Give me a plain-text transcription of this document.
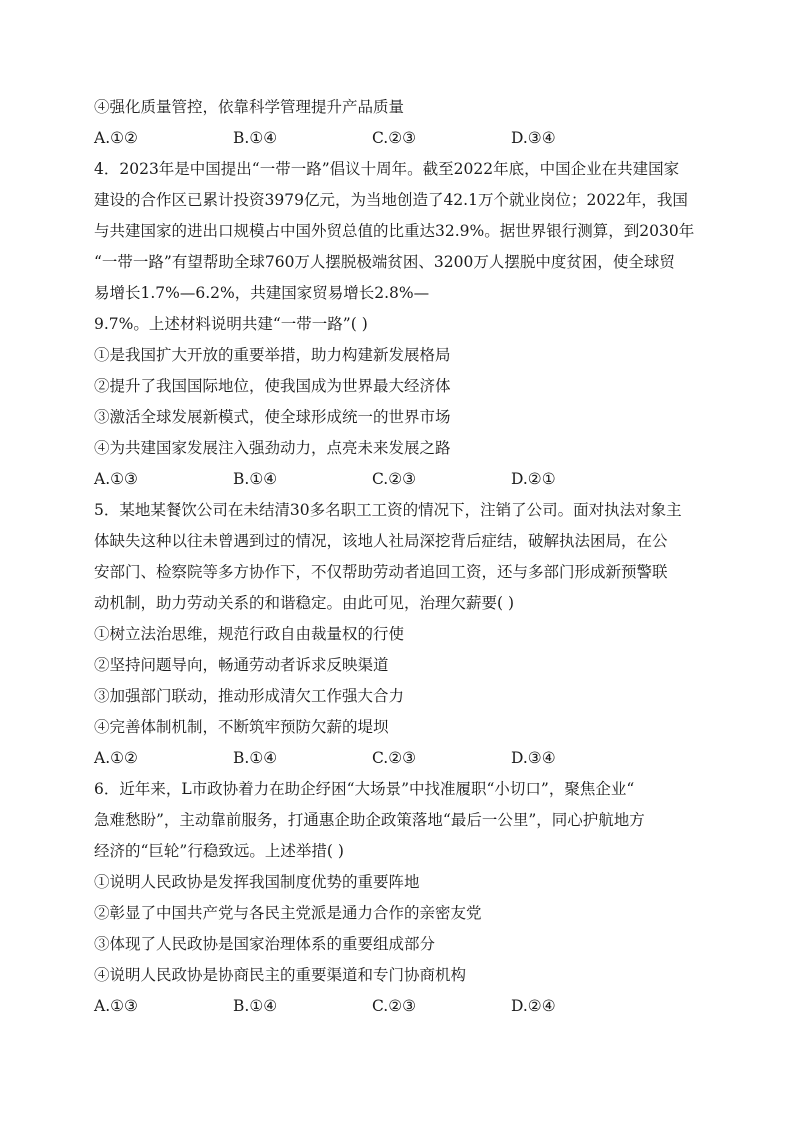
④强化质量管控，依靠科学管理提升产品质量
A.①②	B.①④	C.②③	D.③④
4．2023年是中国提出“一带一路”倡议十周年。截至2022年底，中国企业在共建国家
建设的合作区已累计投资3979亿元，为当地创造了42.1万个就业岗位；2022年，我国
与共建国家的进出口规模占中国外贸总值的比重达32.9%。据世界银行测算，到2030年
“一带一路”有望帮助全球760万人摆脱极端贫困、3200万人摆脱中度贫困，使全球贸
易增长1.7%—6.2%，共建国家贸易增长2.8%—
9.7%。上述材料说明共建“一带一路”( )
①是我国扩大开放的重要举措，助力构建新发展格局
②提升了我国国际地位，使我国成为世界最大经济体
③激活全球发展新模式，使全球形成统一的世界市场
④为共建国家发展注入强劲动力，点亮未来发展之路
A.①③	B.①④	C.②③	D.②①
5．某地某餐饮公司在未结清30多名职工工资的情况下，注销了公司。面对执法对象主
体缺失这种以往未曾遇到过的情况，该地人社局深挖背后症结，破解执法困局，在公
安部门、检察院等多方协作下，不仅帮助劳动者追回工资，还与多部门形成新预警联
动机制，助力劳动关系的和谐稳定。由此可见，治理欠薪要( )
①树立法治思维，规范行政自由裁量权的行使
②坚持问题导向，畅通劳动者诉求反映渠道
③加强部门联动，推动形成清欠工作强大合力
④完善体制机制，不断筑牢预防欠薪的堤坝
A.①②	B.①④	C.②③	D.③④
6．近年来，L市政协着力在助企纾困“大场景”中找准履职“小切口”，聚焦企业“
急难愁盼”，主动靠前服务，打通惠企助企政策落地“最后一公里”，同心护航地方
经济的“巨轮”行稳致远。上述举措( )
①说明人民政协是发挥我国制度优势的重要阵地
②彰显了中国共产党与各民主党派是通力合作的亲密友党
③体现了人民政协是国家治理体系的重要组成部分
④说明人民政协是协商民主的重要渠道和专门协商机构
A.①③	B.①④	C.②③	D.②④
